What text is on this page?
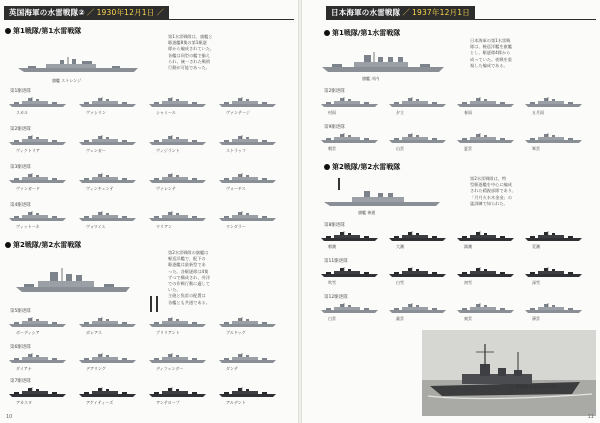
英国海軍の水雷戦隊② ／ 1930年12月1日 ／
第1戦隊/第1水雷戦隊
旗艦 ストレンジ
第1水雷戦隊は、旗艦と
駆逐艦8隻の第1駆逐
隊から編成されていた。
各艦は同型の艦で揃え
られ、統一された戦術
行動が可能であった。
第1駆逐隊
第2駆逐隊
第3駆逐隊
第4駆逐隊
スカル	ヴァシリン	シャミール	ヴァンテージ
ヴィクトリア	ヴェンガー	ヴィジラント	ストラッフ
ヴァンガード	ヴィンチェンテ	ヴァレンテ	ヴォーチス
ヴィットーネ	ヴォワイエ	ワリアン	ワンダラー
第2戦隊/第2水雷戦隊
第2水雷戦隊の旗艦は
軽巡洋艦で、配下の
駆逐艦は最新型であ
った。各駆逐隊は4隻
ずつで構成され、外洋
での作戦行動に適して
いた。
主砲と魚雷の配置は
各艦とも共通である。
第5駆逐隊
第6駆逐隊
第7駆逐隊
ボーディシア	ボレアス	ブリリアント	ブルドッグ
ダイアナ	デアリング	ディフェンダー	ダンテ
アカスタ	アケイティーズ	アンテロープ	アルデント
10
日本海軍の水雷戦隊 ／ 1937年12月1日
第1戦隊/第1水雷戦隊
旗艦 川内
日本海軍の第1水雷戦
隊は、軽巡洋艦を旗艦
とし、駆逐隊4隊から
成っていた。夜戦を重
視した編成である。
第2駆逐隊
第9駆逐隊
村雨	夕立	春雨	五月雨
朝雲	山雲	夏雲	峯雲
第2戦隊/第2水雷戦隊
旗艦 神通
第2水雷戦隊は、特
型駆逐艦を中心に編成
された精鋭部隊であり、
「月月火水木金金」の
猛訓練で知られた。
第8駆逐隊
第11駆逐隊
第12駆逐隊
朝潮	大潮	満潮	荒潮
吹雪	白雪	初雪	深雪
白雲	叢雲	東雲	薄雲
上：駆逐艦 朝潮(昭和12年)
11
